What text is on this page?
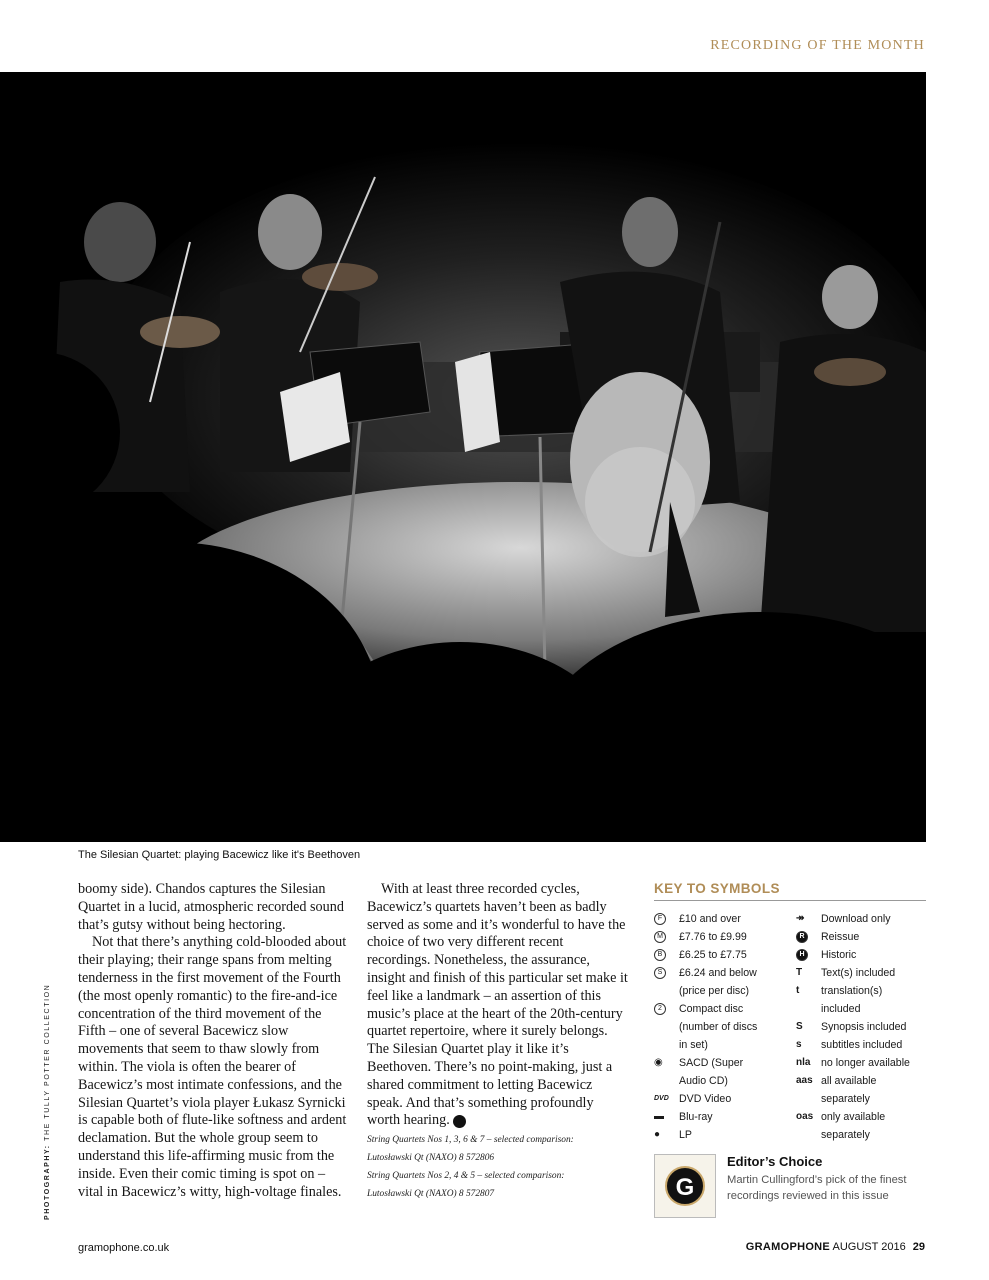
RECORDING OF THE MONTH
The Silesian Quartet: playing Bacewicz like it's Beethoven
PHOTOGRAPHY: THE TULLY POTTER COLLECTION

boomy side). Chandos captures the Silesian Quartet in a lucid, atmospheric recorded sound that’s gutsy without being hectoring.

Not that there’s anything cold-blooded about their playing; their range spans from melting tenderness in the first movement of the Fourth (the most openly romantic) to the fire-and-ice concentration of the third movement of the Fifth – one of several Bacewicz slow movements that seem to thaw slowly from within. The viola is often the bearer of Bacewicz’s most intimate confessions, and the Silesian Quartet’s viola player Łukasz Syrnicki is capable both of flute-like softness and ardent declamation. But the whole group seem to understand this life-affirming music from the inside. Even their comic timing is spot on – vital in Bacewicz’s witty, high-voltage finales.

With at least three recorded cycles, Bacewicz’s quartets haven’t been as badly served as some and it’s wonderful to have the choice of two very different recent recordings. Nonetheless, the assurance, insight and finish of this particular set make it feel like a landmark – an assertion of this music’s place at the heart of the 20th-century quartet repertoire, where it surely belongs. The Silesian Quartet play it like it’s Beethoven. There’s no point-making, just a shared commitment to letting Bacewicz speak. And that’s something profoundly worth hearing. G

String Quartets Nos 1, 3, 6 & 7 – selected comparison:
Lutosławski Qt (NAXO) 8 572806
String Quartets Nos 2, 4 & 5 – selected comparison:
Lutosławski Qt (NAXO) 8 572807
KEY TO SYMBOLS
F	£10 and over
M	£7.76 to £9.99
B	£6.25 to £7.75
S	£6.24 and below
(price per disc)
2	Compact disc
(number of discs
in set)
◉	SACD (Super
Audio CD)
DVD DVD Video
▬	Blu-ray
●	LP
↠	Download only
R	Reissue
H	Historic
T	Text(s) included
t	translation(s)
included
S	Synopsis included
s	subtitles included
nla no longer available
aas all available
separately
oas only available
separately
G
Editor’s Choice
Martin Cullingford’s pick of the finest recordings reviewed in this issue
gramophone.co.uk	GRAMOPHONE AUGUST 2016 29
